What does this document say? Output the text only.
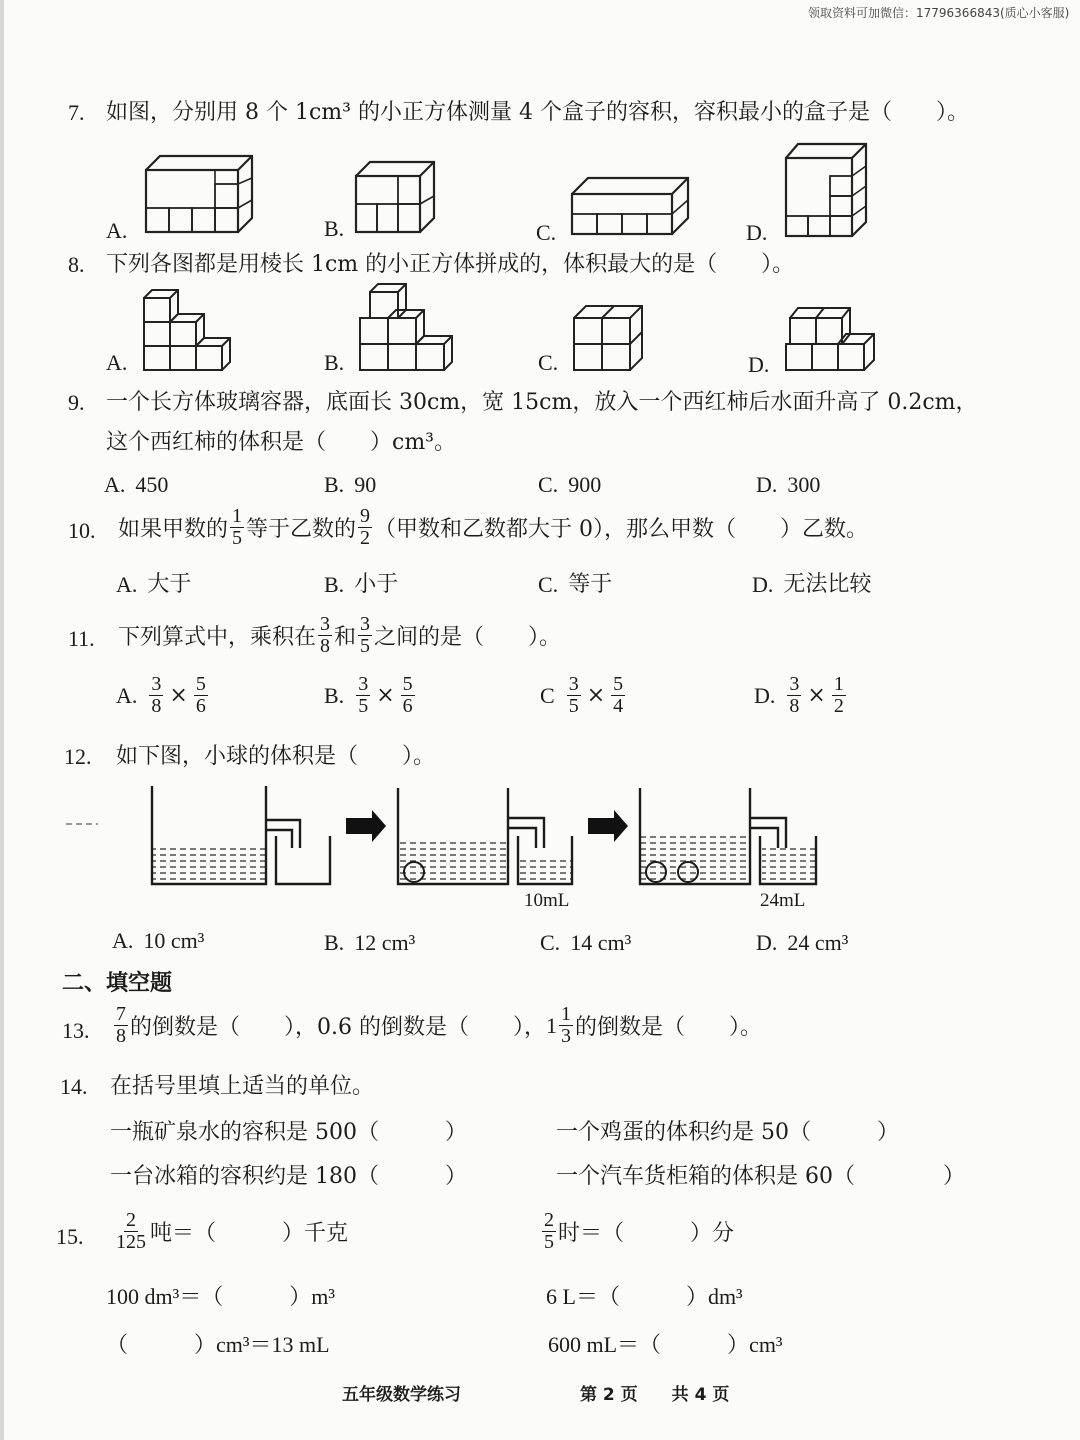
领取资料可加微信：17796366843(质心小客服)
7. 如图，分别用 8 个 1cm³ 的小正方体测量 4 个盒子的容积，容积最小的盒子是（　　）。
A.	B.	C.	D.
8. 下列各图都是用棱长 1cm 的小正方体拼成的，体积最大的是（　　）。
A.	B.	C.	D.
9. 一个长方体玻璃容器，底面长 30cm，宽 15cm，放入一个西红柿后水面升高了 0.2cm，
这个西红柿的体积是（　　）cm³。
A. 450	B. 90	C. 900	D. 300
10. 如果甲数的 $\frac{1}{5}$ 等于乙数的 $\frac{9}{2}$ （甲数和乙数都大于 0），那么甲数（　　）乙数。
A. 大于	B. 小于	C. 等于	D. 无法比较
11. 下列算式中，乘积在 $\frac{3}{8}$ 和 $\frac{3}{5}$ 之间的是（　　）。
A. $\frac{3}{8} \times \frac{5}{6}$	B. $\frac{3}{5} \times \frac{5}{6}$	C $\frac{3}{5} \times \frac{5}{4}$	D. $\frac{3}{8} \times \frac{1}{2}$
12. 如下图，小球的体积是（　　）。
10mL	24mL
A. 10 cm³	B. 12 cm³	C. 14 cm³	D. 24 cm³
二、填空题
13. $\frac{7}{8}$ 的倒数是（　　），0.6 的倒数是（　　）， $1 \frac{1}{3}$ 的倒数是（　　）。
14. 在括号里填上适当的单位。
一瓶矿泉水的容积是 500（　　　）	一个鸡蛋的体积约是 50（　　　）
一台冰箱的容积约是 180（　　　）	一个汽车货柜箱的体积是 60（　　　　）
15. $\frac{2}{125}$ 吨＝（　　　）千克	$\frac{2}{5}$ 时＝（　　　）分
100 dm³＝（　　　）m³	6 L＝（　　　）dm³
（　　　）cm³＝13 mL	600 mL＝（　　　）cm³
五年级数学练习	第 2 页　　共 4 页
